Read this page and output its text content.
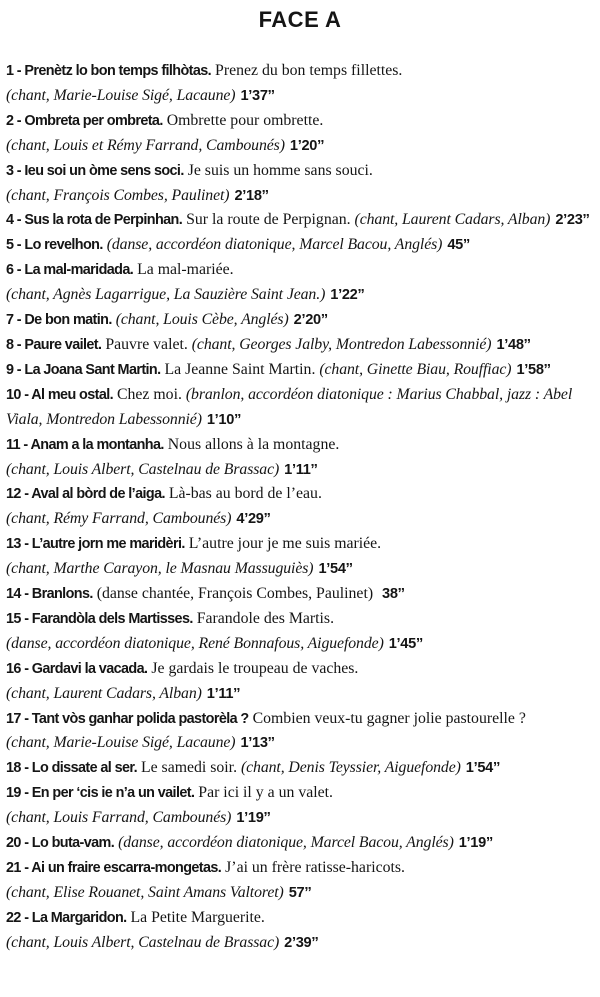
FACE A
1 - Prenètz lo bon temps filhòtas. Prenez du bon temps fillettes.
(chant, Marie-Louise Sigé, Lacaune) 1’37’’
2 - Ombreta per ombreta. Ombrette pour ombrette.
(chant, Louis et Rémy Farrand, Cambounés) 1’20’’
3 - Ieu soi un òme sens soci. Je suis un homme sans souci.
(chant, François Combes, Paulinet) 2’18’’
4 - Sus la rota de Perpinhan. Sur la route de Perpignan. (chant, Laurent Cadars, Alban) 2’23’’
5 - Lo revelhon. (danse, accordéon diatonique, Marcel Bacou, Anglés) 45’’
6 - La mal-maridada. La mal-mariée.
(chant, Agnès Lagarrigue, La Sauzière Saint Jean.) 1’22’’
7 - De bon matin. (chant, Louis Cèbe, Anglés) 2’20’’
8 - Paure vailet. Pauvre valet. (chant, Georges Jalby, Montredon Labessonnié) 1’48’’
9 - La Joana Sant Martin. La Jeanne Saint Martin. (chant, Ginette Biau, Rouffiac) 1’58’’
10 - Al meu ostal. Chez moi. (branlon, accordéon diatonique : Marius Chabbal, jazz : Abel Viala, Montredon Labessonnié) 1’10’’
11 - Anam a la montanha. Nous allons à la montagne.
(chant, Louis Albert, Castelnau de Brassac) 1’11’’
12 - Aval al bòrd de l’aiga. Là-bas au bord de l’eau.
(chant, Rémy Farrand, Cambounés) 4’29’’
13 - L’autre jorn me maridèri. L’autre jour je me suis mariée.
(chant, Marthe Carayon, le Masnau Massuguiès) 1’54’’
14 - Branlons. (danse chantée, François Combes, Paulinet) 38’’
15 - Farandòla dels Martisses. Farandole des Martis.
(danse, accordéon diatonique, René Bonnafous, Aiguefonde) 1’45’’
16 - Gardavi la vacada. Je gardais le troupeau de vaches.
(chant, Laurent Cadars, Alban) 1’11’’
17 - Tant vòs ganhar polida pastorèla ? Combien veux-tu gagner jolie pastourelle ?
(chant, Marie-Louise Sigé, Lacaune) 1’13’’
18 - Lo dissate al ser. Le samedi soir. (chant, Denis Teyssier, Aiguefonde) 1’54’’
19 - En per ‘cis ie n’a un vailet. Par ici il y a un valet.
(chant, Louis Farrand, Cambounés) 1’19’’
20 - Lo buta-vam. (danse, accordéon diatonique, Marcel Bacou, Anglés) 1’19’’
21 - Ai un fraire escarra-mongetas. J’ai un frère ratisse-haricots.
(chant, Elise Rouanet, Saint Amans Valtoret) 57’’
22 - La Margaridon. La Petite Marguerite.
(chant, Louis Albert, Castelnau de Brassac) 2’39’’
